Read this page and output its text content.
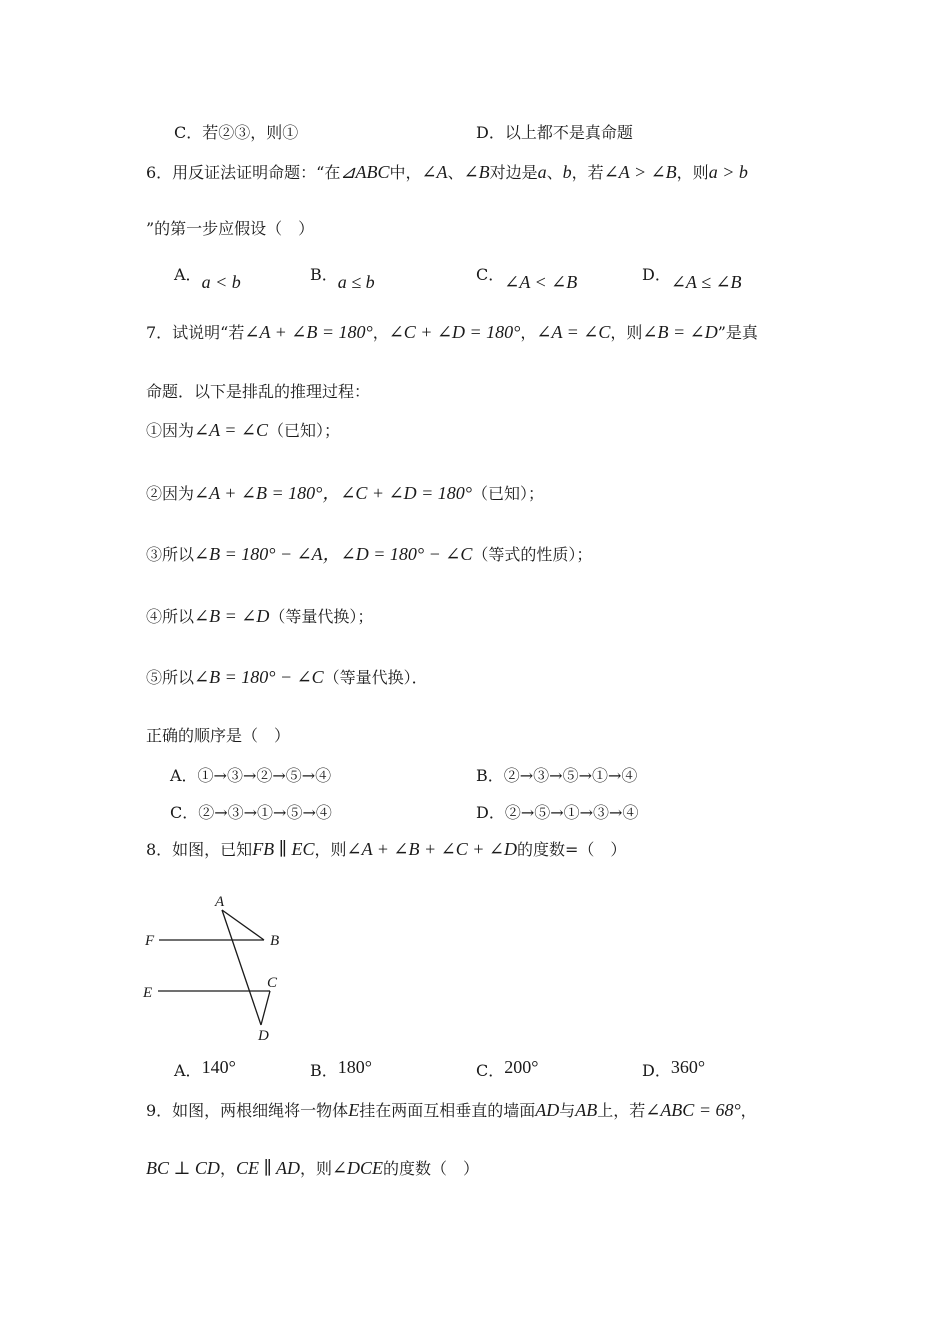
C．若②③，则①	D．以上都不是真命题
6．用反证法证明命题：“在⊿ABC中，∠A、∠B对边是a、b，若∠A > ∠B，则a > b
”的第一步应假设（　）
A．a < b	B．a ≤ b	C．∠A < ∠B	D．∠A ≤ ∠B
7．试说明“若∠A + ∠B = 180°，∠C + ∠D = 180°，∠A = ∠C，则∠B = ∠D”是真
命题．以下是排乱的推理过程：
①因为∠A = ∠C（已知）；
②因为∠A + ∠B = 180°，∠C + ∠D = 180°（已知）；
③所以∠B = 180° − ∠A，∠D = 180° − ∠C（等式的性质）；
④所以∠B = ∠D（等量代换）；
⑤所以∠B = 180° − ∠C（等量代换）．
正确的顺序是（　）
A．①→③→②→⑤→④	B．②→③→⑤→①→④
C．②→③→①→⑤→④	D．②→⑤→①→③→④
8．如图，已知FB ∥ EC，则∠A + ∠B + ∠C + ∠D的度数=（　）
A
B
C
D
E
F
A．140°	B．180°	C．200°	D．360°
9．如图，两根细绳将一物体E挂在两面互相垂直的墙面AD与AB上，若∠ABC = 68°，
BC ⊥ CD，CE ∥ AD，则∠DCE的度数（　）
